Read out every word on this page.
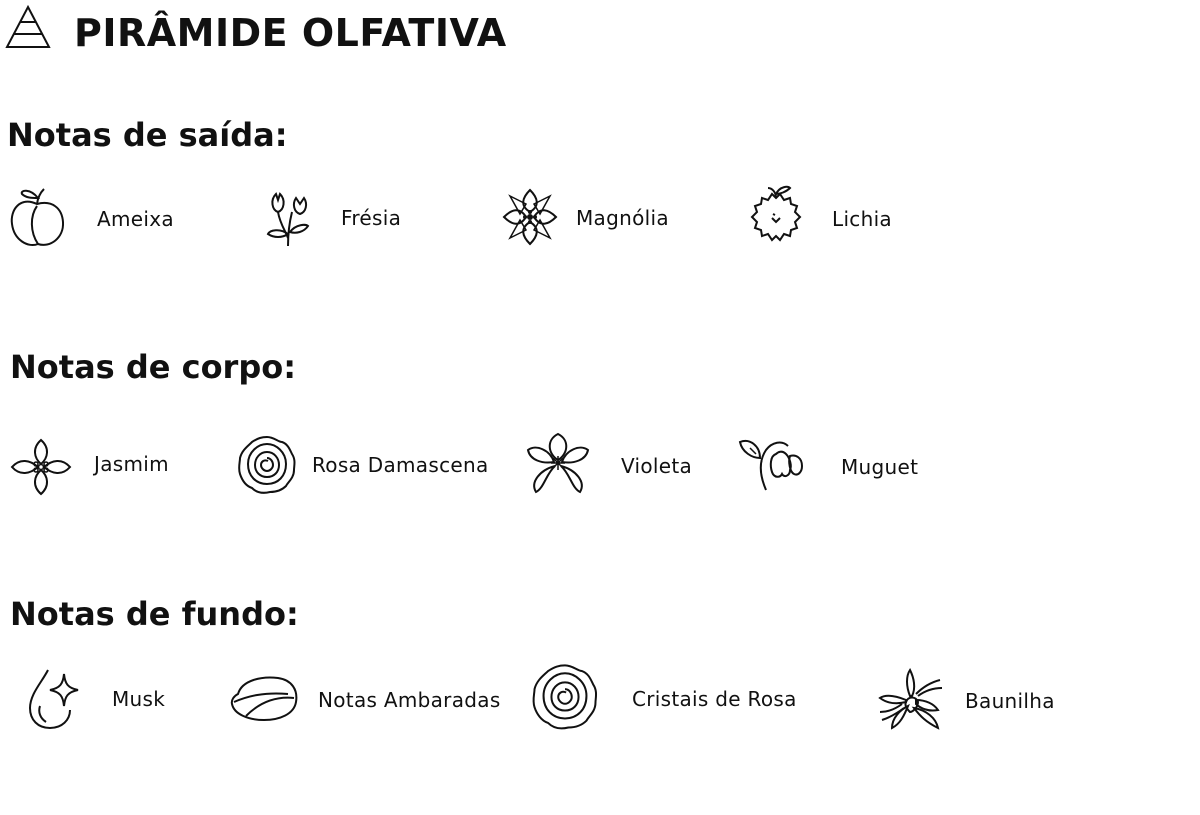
PIRÂMIDE OLFATIVA
Notas de saída:
Ameixa	Frésia	Magnólia	Lichia
Notas de corpo:
Jasmim	Rosa Damascena	Violeta	Muguet
Notas de fundo:
Musk	Notas Ambaradas	Cristais de Rosa	Baunilha
